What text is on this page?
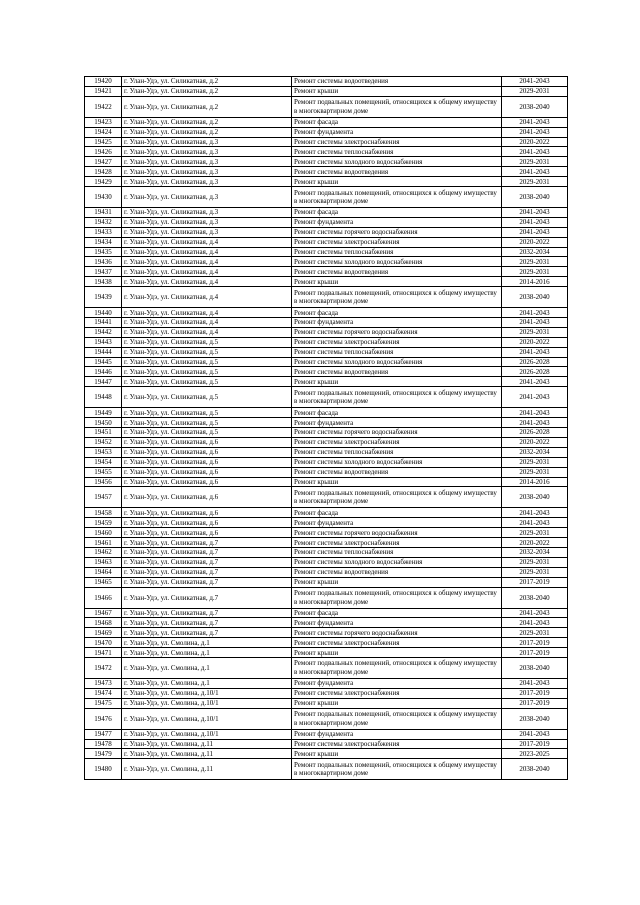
19420	г. Улан-Удэ, ул. Силикатная, д.2	Ремонт системы водоотведения	2041-2043
19421	г. Улан-Удэ, ул. Силикатная, д.2	Ремонт крыши	2029-2031
19422	г. Улан-Удэ, ул. Силикатная, д.2	Ремонт подвальных помещений, относящихся к общему имуществу в многоквартирном доме	2038-2040
19423	г. Улан-Удэ, ул. Силикатная, д.2	Ремонт фасада	2041-2043
19424	г. Улан-Удэ, ул. Силикатная, д.2	Ремонт фундамента	2041-2043
19425	г. Улан-Удэ, ул. Силикатная, д.3	Ремонт системы электроснабжения	2020-2022
19426	г. Улан-Удэ, ул. Силикатная, д.3	Ремонт системы теплоснабжения	2041-2043
19427	г. Улан-Удэ, ул. Силикатная, д.3	Ремонт системы холодного водоснабжения	2029-2031
19428	г. Улан-Удэ, ул. Силикатная, д.3	Ремонт системы водоотведения	2041-2043
19429	г. Улан-Удэ, ул. Силикатная, д.3	Ремонт крыши	2029-2031
19430	г. Улан-Удэ, ул. Силикатная, д.3	Ремонт подвальных помещений, относящихся к общему имуществу в многоквартирном доме	2038-2040
19431	г. Улан-Удэ, ул. Силикатная, д.3	Ремонт фасада	2041-2043
19432	г. Улан-Удэ, ул. Силикатная, д.3	Ремонт фундамента	2041-2043
19433	г. Улан-Удэ, ул. Силикатная, д.3	Ремонт системы горячего водоснабжения	2041-2043
19434	г. Улан-Удэ, ул. Силикатная, д.4	Ремонт системы электроснабжения	2020-2022
19435	г. Улан-Удэ, ул. Силикатная, д.4	Ремонт системы теплоснабжения	2032-2034
19436	г. Улан-Удэ, ул. Силикатная, д.4	Ремонт системы холодного водоснабжения	2029-2031
19437	г. Улан-Удэ, ул. Силикатная, д.4	Ремонт системы водоотведения	2029-2031
19438	г. Улан-Удэ, ул. Силикатная, д.4	Ремонт крыши	2014-2016
19439	г. Улан-Удэ, ул. Силикатная, д.4	Ремонт подвальных помещений, относящихся к общему имуществу в многоквартирном доме	2038-2040
19440	г. Улан-Удэ, ул. Силикатная, д.4	Ремонт фасада	2041-2043
19441	г. Улан-Удэ, ул. Силикатная, д.4	Ремонт фундамента	2041-2043
19442	г. Улан-Удэ, ул. Силикатная, д.4	Ремонт системы горячего водоснабжения	2029-2031
19443	г. Улан-Удэ, ул. Силикатная, д.5	Ремонт системы электроснабжения	2020-2022
19444	г. Улан-Удэ, ул. Силикатная, д.5	Ремонт системы теплоснабжения	2041-2043
19445	г. Улан-Удэ, ул. Силикатная, д.5	Ремонт системы холодного водоснабжения	2026-2028
19446	г. Улан-Удэ, ул. Силикатная, д.5	Ремонт системы водоотведения	2026-2028
19447	г. Улан-Удэ, ул. Силикатная, д.5	Ремонт крыши	2041-2043
19448	г. Улан-Удэ, ул. Силикатная, д.5	Ремонт подвальных помещений, относящихся к общему имуществу в многоквартирном доме	2041-2043
19449	г. Улан-Удэ, ул. Силикатная, д.5	Ремонт фасада	2041-2043
19450	г. Улан-Удэ, ул. Силикатная, д.5	Ремонт фундамента	2041-2043
19451	г. Улан-Удэ, ул. Силикатная, д.5	Ремонт системы горячего водоснабжения	2026-2028
19452	г. Улан-Удэ, ул. Силикатная, д.6	Ремонт системы электроснабжения	2020-2022
19453	г. Улан-Удэ, ул. Силикатная, д.6	Ремонт системы теплоснабжения	2032-2034
19454	г. Улан-Удэ, ул. Силикатная, д.6	Ремонт системы холодного водоснабжения	2029-2031
19455	г. Улан-Удэ, ул. Силикатная, д.6	Ремонт системы водоотведения	2029-2031
19456	г. Улан-Удэ, ул. Силикатная, д.6	Ремонт крыши	2014-2016
19457	г. Улан-Удэ, ул. Силикатная, д.6	Ремонт подвальных помещений, относящихся к общему имуществу в многоквартирном доме	2038-2040
19458	г. Улан-Удэ, ул. Силикатная, д.6	Ремонт фасада	2041-2043
19459	г. Улан-Удэ, ул. Силикатная, д.6	Ремонт фундамента	2041-2043
19460	г. Улан-Удэ, ул. Силикатная, д.6	Ремонт системы горячего водоснабжения	2029-2031
19461	г. Улан-Удэ, ул. Силикатная, д.7	Ремонт системы электроснабжения	2020-2022
19462	г. Улан-Удэ, ул. Силикатная, д.7	Ремонт системы теплоснабжения	2032-2034
19463	г. Улан-Удэ, ул. Силикатная, д.7	Ремонт системы холодного водоснабжения	2029-2031
19464	г. Улан-Удэ, ул. Силикатная, д.7	Ремонт системы водоотведения	2029-2031
19465	г. Улан-Удэ, ул. Силикатная, д.7	Ремонт крыши	2017-2019
19466	г. Улан-Удэ, ул. Силикатная, д.7	Ремонт подвальных помещений, относящихся к общему имуществу в многоквартирном доме	2038-2040
19467	г. Улан-Удэ, ул. Силикатная, д.7	Ремонт фасада	2041-2043
19468	г. Улан-Удэ, ул. Силикатная, д.7	Ремонт фундамента	2041-2043
19469	г. Улан-Удэ, ул. Силикатная, д.7	Ремонт системы горячего водоснабжения	2029-2031
19470	г. Улан-Удэ, ул. Смолина, д.1	Ремонт системы электроснабжения	2017-2019
19471	г. Улан-Удэ, ул. Смолина, д.1	Ремонт крыши	2017-2019
19472	г. Улан-Удэ, ул. Смолина, д.1	Ремонт подвальных помещений, относящихся к общему имуществу в многоквартирном доме	2038-2040
19473	г. Улан-Удэ, ул. Смолина, д.1	Ремонт фундамента	2041-2043
19474	г. Улан-Удэ, ул. Смолина, д.10/1	Ремонт системы электроснабжения	2017-2019
19475	г. Улан-Удэ, ул. Смолина, д.10/1	Ремонт крыши	2017-2019
19476	г. Улан-Удэ, ул. Смолина, д.10/1	Ремонт подвальных помещений, относящихся к общему имуществу в многоквартирном доме	2038-2040
19477	г. Улан-Удэ, ул. Смолина, д.10/1	Ремонт фундамента	2041-2043
19478	г. Улан-Удэ, ул. Смолина, д.11	Ремонт системы электроснабжения	2017-2019
19479	г. Улан-Удэ, ул. Смолина, д.11	Ремонт крыши	2023-2025
19480	г. Улан-Удэ, ул. Смолина, д.11	Ремонт подвальных помещений, относящихся к общему имуществу в многоквартирном доме	2038-2040
